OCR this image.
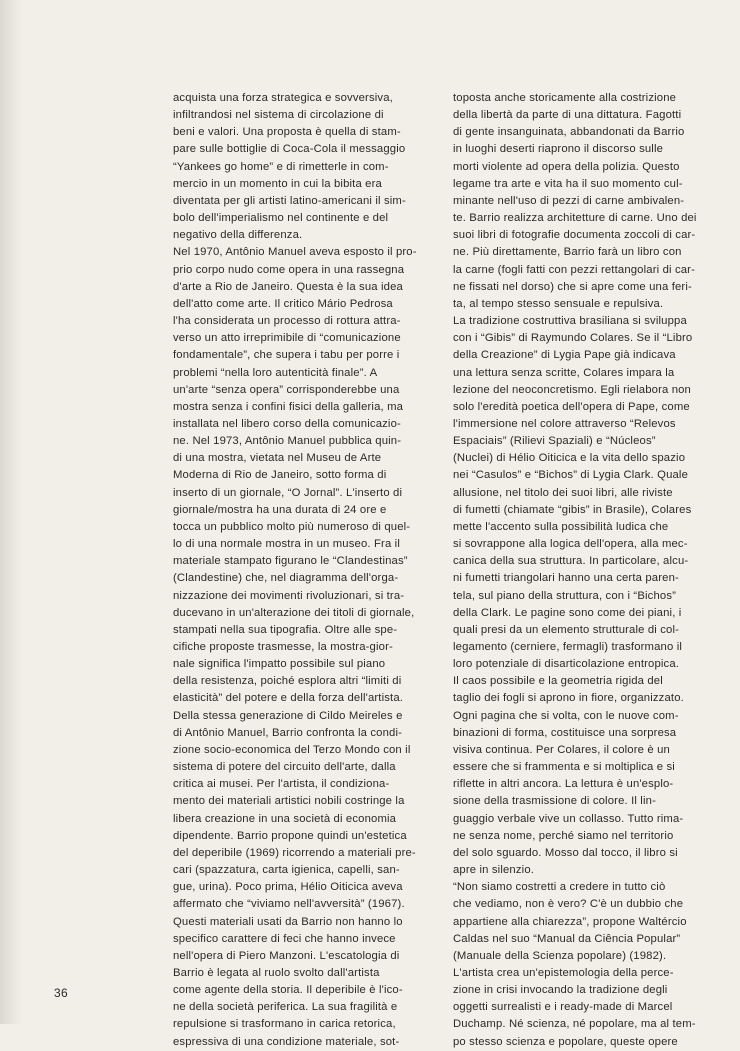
acquista una forza strategica e sovversiva,
infiltrandosi nel sistema di circolazione di
beni e valori. Una proposta è quella di stam-
pare sulle bottiglie di Coca-Cola il messaggio
“Yankees go home” e di rimetterle in com-
mercio in un momento in cui la bibita era
diventata per gli artisti latino-americani il sim-
bolo dell'imperialismo nel continente e del
negativo della differenza.
Nel 1970, Antônio Manuel aveva esposto il pro-
prio corpo nudo come opera in una rassegna
d'arte a Rio de Janeiro. Questa è la sua idea
dell'atto come arte. Il critico Mário Pedrosa
l'ha considerata un processo di rottura attra-
verso un atto irreprimibile di “comunicazione
fondamentale”, che supera i tabu per porre i
problemi “nella loro autenticità finale”. A
un'arte “senza opera” corrisponderebbe una
mostra senza i confini fisici della galleria, ma
installata nel libero corso della comunicazio-
ne. Nel 1973, Antônio Manuel pubblica quin-
di una mostra, vietata nel Museu de Arte
Moderna di Rio de Janeiro, sotto forma di
inserto di un giornale, “O Jornal”. L'inserto di
giornale/mostra ha una durata di 24 ore e
tocca un pubblico molto più numeroso di quel-
lo di una normale mostra in un museo. Fra il
materiale stampato figurano le “Clandestinas”
(Clandestine) che, nel diagramma dell'orga-
nizzazione dei movimenti rivoluzionari, si tra-
ducevano in un'alterazione dei titoli di giornale,
stampati nella sua tipografia. Oltre alle spe-
cifiche proposte trasmesse, la mostra-gior-
nale significa l'impatto possibile sul piano
della resistenza, poiché esplora altri “limiti di
elasticità” del potere e della forza dell'artista.
Della stessa generazione di Cildo Meireles e
di Antônio Manuel, Barrio confronta la condi-
zione socio-economica del Terzo Mondo con il
sistema di potere del circuito dell'arte, dalla
critica ai musei. Per l'artista, il condiziona-
mento dei materiali artistici nobili costringe la
libera creazione in una società di economia
dipendente. Barrio propone quindi un'estetica
del deperibile (1969) ricorrendo a materiali pre-
cari (spazzatura, carta igienica, capelli, san-
gue, urina). Poco prima, Hélio Oiticica aveva
affermato che “viviamo nell'avversità” (1967).
Questi materiali usati da Barrio non hanno lo
specifico carattere di feci che hanno invece
nell'opera di Piero Manzoni. L'escatologia di
Barrio è legata al ruolo svolto dall'artista
come agente della storia. Il deperibile è l'ico-
ne della società periferica. La sua fragilità e
repulsione si trasformano in carica retorica,
espressiva di una condizione materiale, sot-
toposta anche storicamente alla costrizione
della libertà da parte di una dittatura. Fagotti
di gente insanguinata, abbandonati da Barrio
in luoghi deserti riaprono il discorso sulle
morti violente ad opera della polizia. Questo
legame tra arte e vita ha il suo momento cul-
minante nell'uso di pezzi di carne ambivalen-
te. Barrio realizza architetture di carne. Uno dei
suoi libri di fotografie documenta zoccoli di car-
ne. Più direttamente, Barrio farà un libro con
la carne (fogli fatti con pezzi rettangolari di car-
ne fissati nel dorso) che si apre come una feri-
ta, al tempo stesso sensuale e repulsiva.
La tradizione costruttiva brasiliana si sviluppa
con i “Gibis” di Raymundo Colares. Se il “Libro
della Creazione” di Lygia Pape già indicava
una lettura senza scritte, Colares impara la
lezione del neoconcretismo. Egli rielabora non
solo l'eredità poetica dell'opera di Pape, come
l'immersione nel colore attraverso “Relevos
Espaciais” (Rilievi Spaziali) e “Núcleos”
(Nuclei) di Hélio Oiticica e la vita dello spazio
nei “Casulos” e “Bichos” di Lygia Clark. Quale
allusione, nel titolo dei suoi libri, alle riviste
di fumetti (chiamate “gibis” in Brasile), Colares
mette l'accento sulla possibilità ludica che
si sovrappone alla logica dell'opera, alla mec-
canica della sua struttura. In particolare, alcu-
ni fumetti triangolari hanno una certa paren-
tela, sul piano della struttura, con i “Bichos”
della Clark. Le pagine sono come dei piani, i
quali presi da un elemento strutturale di col-
legamento (cerniere, fermagli) trasformano il
loro potenziale di disarticolazione entropica.
Il caos possibile e la geometria rigida del
taglio dei fogli si aprono in fiore, organizzato.
Ogni pagina che si volta, con le nuove com-
binazioni di forma, costituisce una sorpresa
visiva continua. Per Colares, il colore è un
essere che si frammenta e si moltiplica e si
riflette in altri ancora. La lettura è un'esplo-
sione della trasmissione di colore. Il lin-
guaggio verbale vive un collasso. Tutto rima-
ne senza nome, perché siamo nel territorio
del solo sguardo. Mosso dal tocco, il libro si
apre in silenzio.
“Non siamo costretti a credere in tutto ciò
che vediamo, non è vero? C'è un dubbio che
appartiene alla chiarezza”, propone Waltércio
Caldas nel suo “Manual da Ciência Popular”
(Manuale della Scienza popolare) (1982).
L'artista crea un'epistemologia della perce-
zione in crisi invocando la tradizione degli
oggetti surrealisti e i ready-made di Marcel
Duchamp. Né scienza, né popolare, ma al tem-
po stesso scienza e popolare, queste opere
36
